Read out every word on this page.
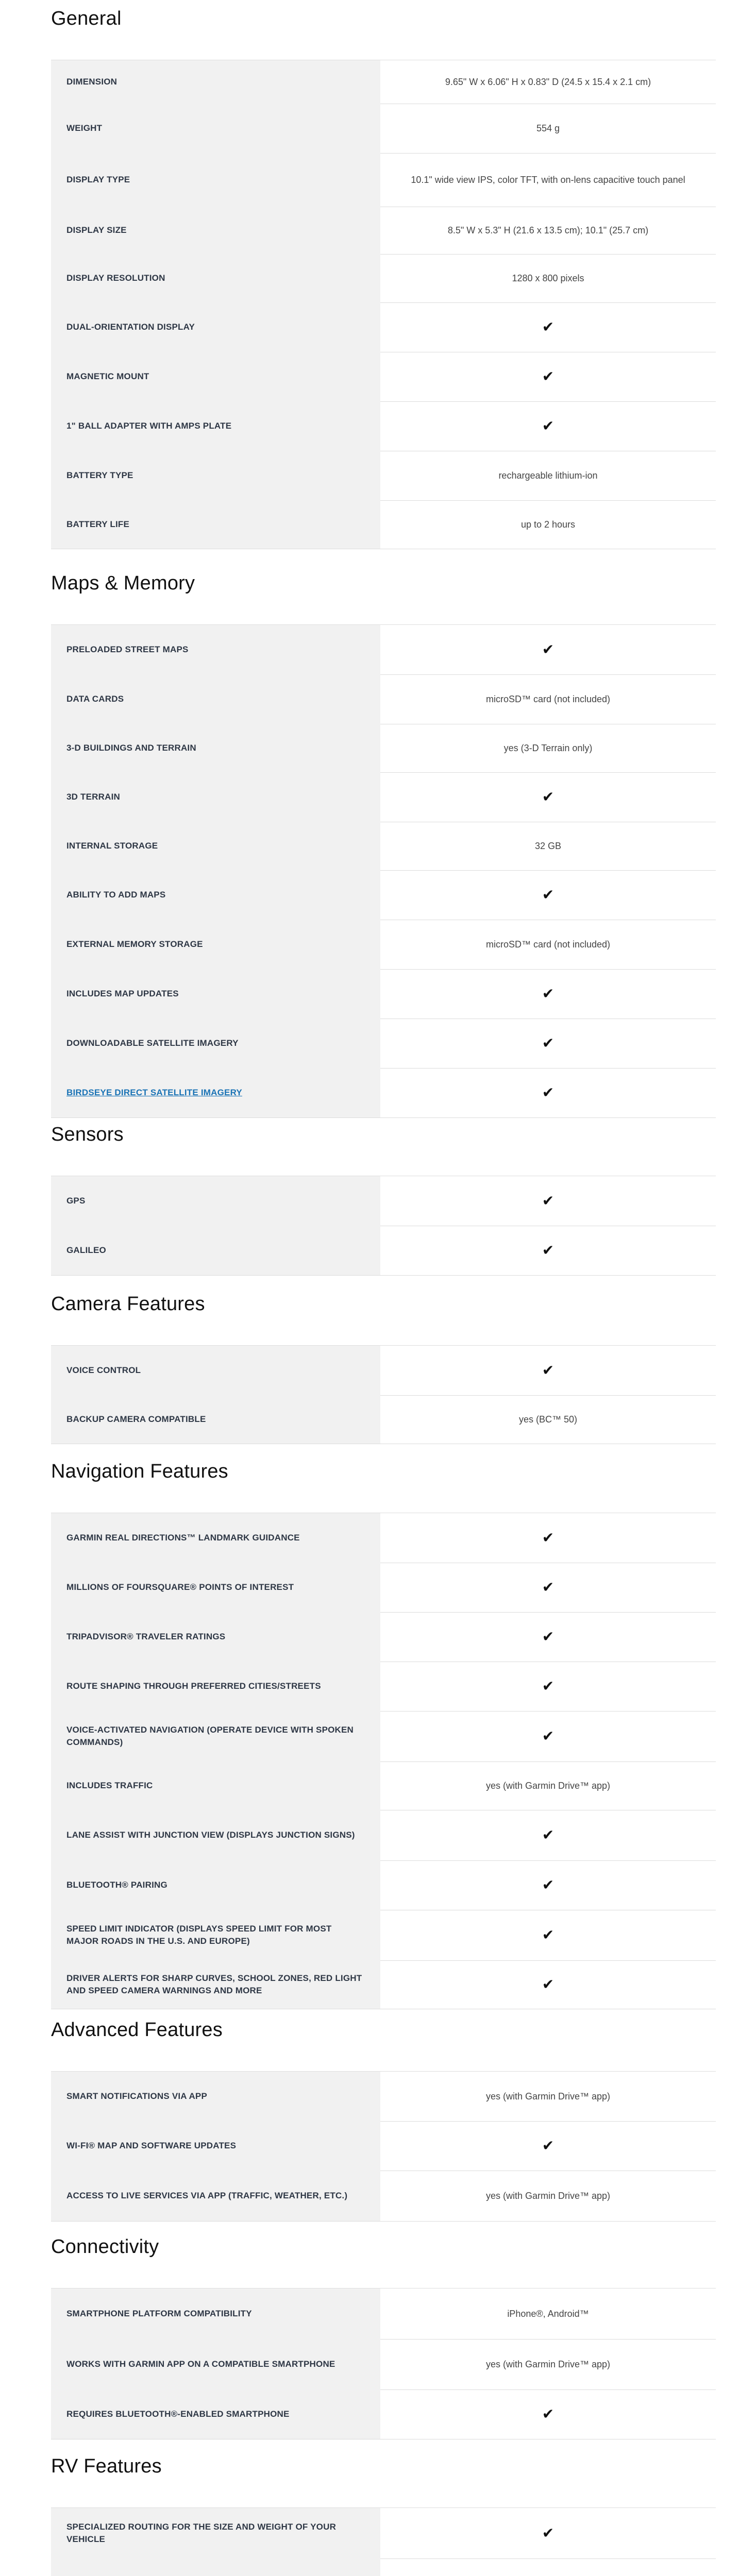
General
DIMENSION	9.65" W x 6.06" H x 0.83" D (24.5 x 15.4 x 2.1 cm)
WEIGHT	554 g
DISPLAY TYPE	10.1" wide view IPS, color TFT, with on-lens capacitive touch panel
DISPLAY SIZE	8.5" W x 5.3" H (21.6 x 13.5 cm); 10.1" (25.7 cm)
DISPLAY RESOLUTION	1280 x 800 pixels
DUAL-ORIENTATION DISPLAY	✔
MAGNETIC MOUNT	✔
1" BALL ADAPTER WITH AMPS PLATE	✔
BATTERY TYPE	rechargeable lithium-ion
BATTERY LIFE	up to 2 hours
Maps & Memory
PRELOADED STREET MAPS	✔
DATA CARDS	microSD™ card (not included)
3-D BUILDINGS AND TERRAIN	yes (3-D Terrain only)
3D TERRAIN	✔
INTERNAL STORAGE	32 GB
ABILITY TO ADD MAPS	✔
EXTERNAL MEMORY STORAGE	microSD™ card (not included)
INCLUDES MAP UPDATES	✔
DOWNLOADABLE SATELLITE IMAGERY	✔
BIRDSEYE DIRECT SATELLITE IMAGERY	✔
Sensors
GPS	✔
GALILEO	✔
Camera Features
VOICE CONTROL	✔
BACKUP CAMERA COMPATIBLE	yes (BC™ 50)
Navigation Features
GARMIN REAL DIRECTIONS™ LANDMARK GUIDANCE	✔
MILLIONS OF FOURSQUARE® POINTS OF INTEREST	✔
TRIPADVISOR® TRAVELER RATINGS	✔
ROUTE SHAPING THROUGH PREFERRED CITIES/STREETS	✔
VOICE-ACTIVATED NAVIGATION (OPERATE DEVICE WITH SPOKEN COMMANDS)	✔
INCLUDES TRAFFIC	yes (with Garmin Drive™ app)
LANE ASSIST WITH JUNCTION VIEW (DISPLAYS JUNCTION SIGNS)	✔
BLUETOOTH® PAIRING	✔
SPEED LIMIT INDICATOR (DISPLAYS SPEED LIMIT FOR MOST MAJOR ROADS IN THE U.S. AND EUROPE)	✔
DRIVER ALERTS FOR SHARP CURVES, SCHOOL ZONES, RED LIGHT AND SPEED CAMERA WARNINGS AND MORE	✔
Advanced Features
SMART NOTIFICATIONS VIA APP	yes (with Garmin Drive™ app)
WI-FI® MAP AND SOFTWARE UPDATES	✔
ACCESS TO LIVE SERVICES VIA APP (TRAFFIC, WEATHER, ETC.)	yes (with Garmin Drive™ app)
Connectivity
SMARTPHONE PLATFORM COMPATIBILITY	iPhone®, Android™
WORKS WITH GARMIN APP ON A COMPATIBLE SMARTPHONE	yes (with Garmin Drive™ app)
REQUIRES BLUETOOTH®-ENABLED SMARTPHONE	✔
RV Features
SPECIALIZED ROUTING FOR THE SIZE AND WEIGHT OF YOUR VEHICLE	✔
